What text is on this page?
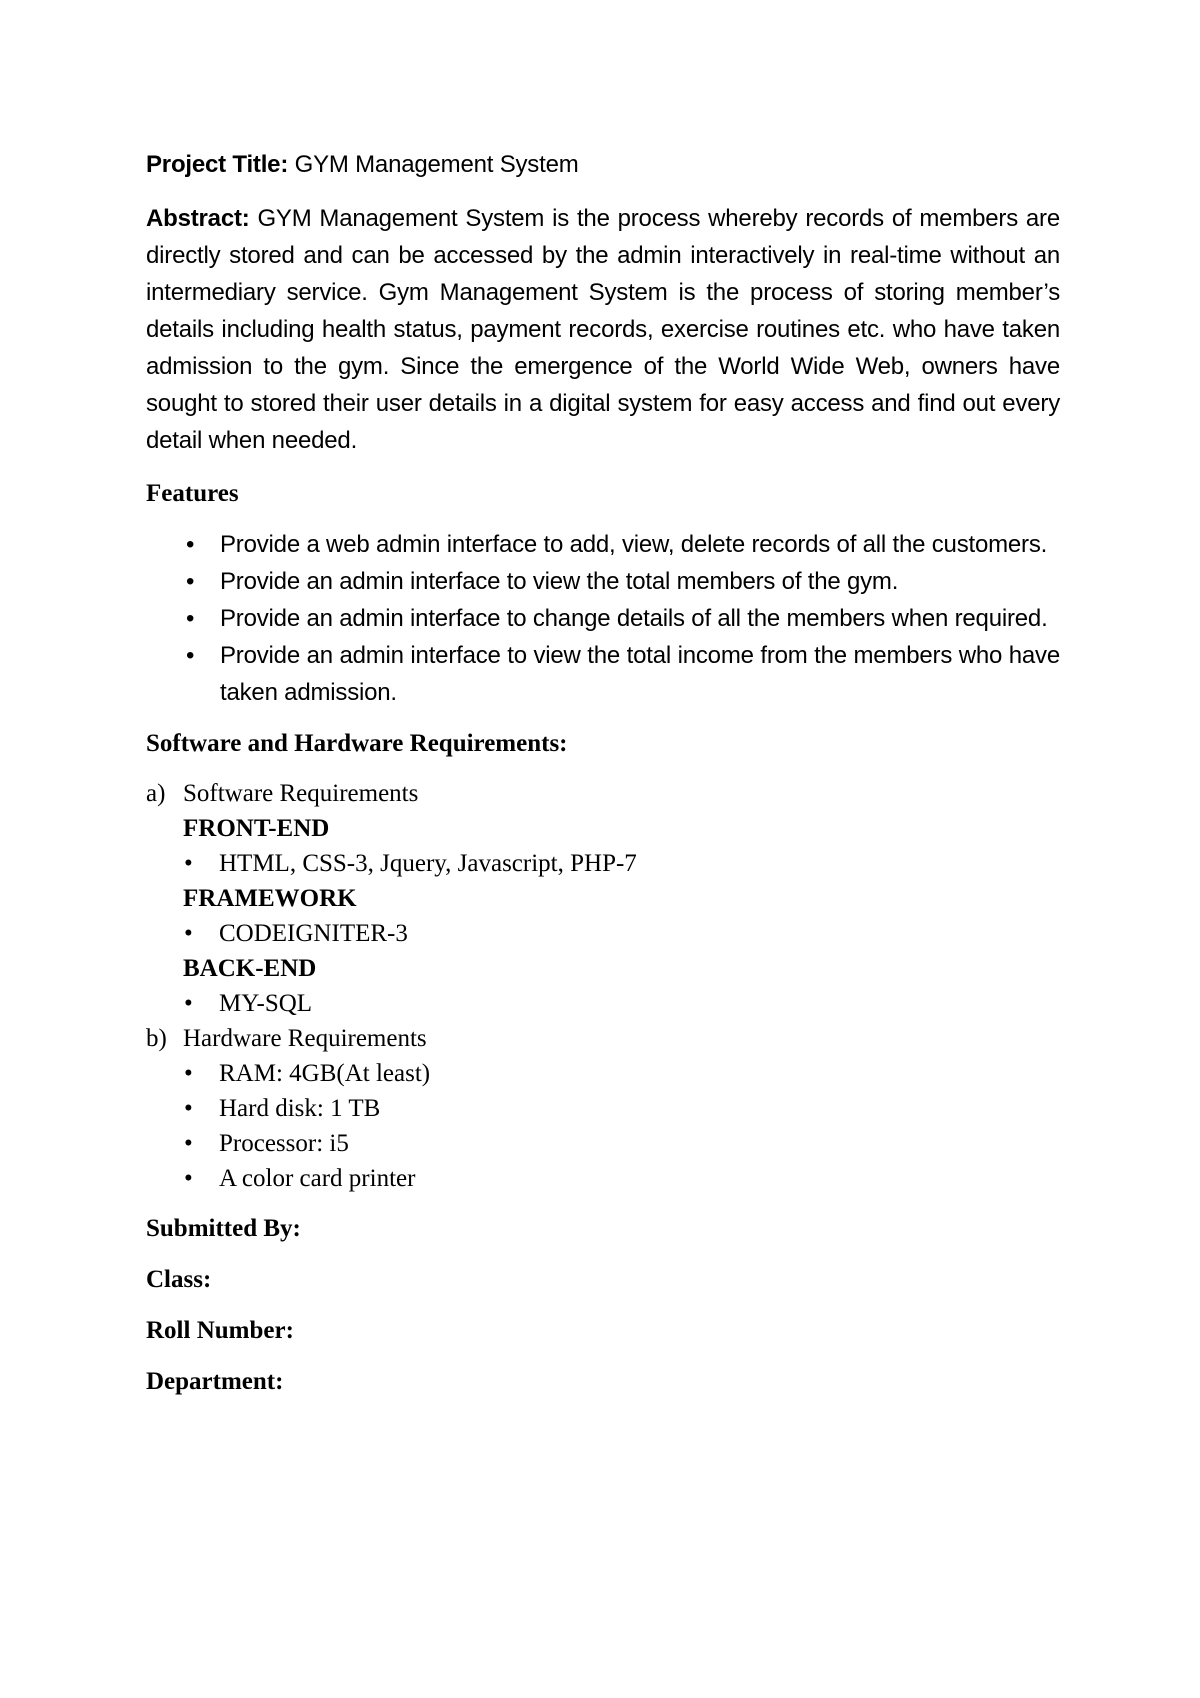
Project Title: GYM Management System

Abstract: GYM Management System is the process whereby records of members are directly stored and can be accessed by the admin interactively in real-time without an intermediary service. Gym Management System is the process of storing member’s details including health status, payment records, exercise routines etc. who have taken admission to the gym. Since the emergence of the World Wide Web, owners have sought to stored their user details in a digital system for easy access and find out every detail when needed.

Features

• Provide a web admin interface to add, view, delete records of all the customers.
• Provide an admin interface to view the total members of the gym.
• Provide an admin interface to change details of all the members when required.
• Provide an admin interface to view the total income from the members who have taken admission.

Software and Hardware Requirements:

a) Software Requirements
FRONT-END
• HTML, CSS-3, Jquery, Javascript, PHP-7
FRAMEWORK
• CODEIGNITER-3
BACK-END
• MY-SQL
b) Hardware Requirements
• RAM: 4GB(At least)
• Hard disk: 1 TB
• Processor: i5
• A color card printer

Submitted By:

Class:

Roll Number:

Department:
